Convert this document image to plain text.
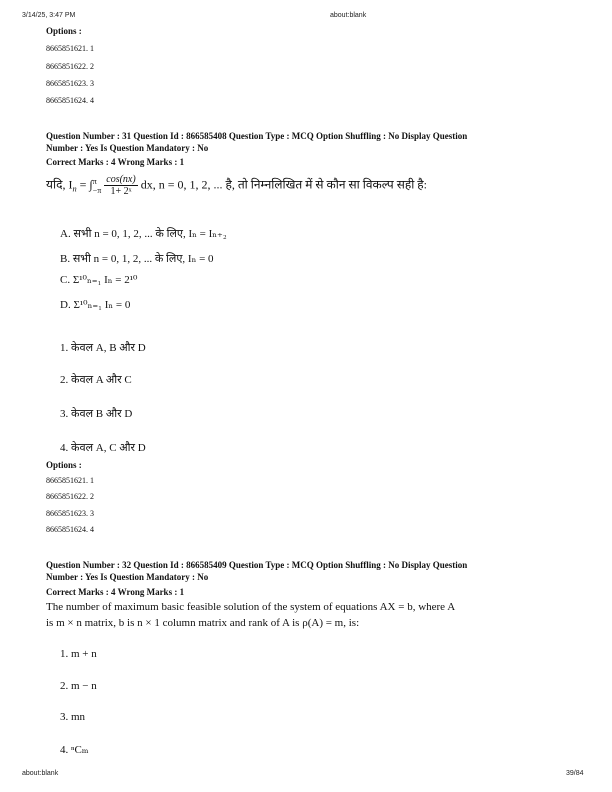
3/14/25, 3:47 PM	about:blank
Options :
8665851621. 1
8665851622. 2
8665851623. 3
8665851624. 4
Question Number : 31 Question Id : 866585408 Question Type : MCQ Option Shuffling : No Display Question
Number : Yes Is Question Mandatory : No
Correct Marks : 4 Wrong Marks : 1
यदि, $I_n$ = ∫ π
−π
$\frac{\cos(nx)}{\text{1+ 2ˣ}}$ dx, n = 0, 1, 2, ... है, तो निम्नलिखित में से कौन सा विकल्प सही है:
A. सभी n = 0, 1, 2, ... के लिए, Iₙ = Iₙ₊₂
B. सभी n = 0, 1, 2, ... के लिए, Iₙ = 0
C. Σ¹⁰ₙ₌₁ Iₙ = 2¹⁰
D. Σ¹⁰ₙ₌₁ Iₙ = 0
1. केवल A, B और D
2. केवल A और C
3. केवल B और D
4. केवल A, C और D
Options :
8665851621. 1
8665851622. 2
8665851623. 3
8665851624. 4
Question Number : 32 Question Id : 866585409 Question Type : MCQ Option Shuffling : No Display Question
Number : Yes Is Question Mandatory : No
Correct Marks : 4 Wrong Marks : 1
The number of maximum basic feasible solution of the system of equations AX = b, where A
is m × n matrix, b is n × 1 column matrix and rank of A is ρ(A) = m, is:
1. m + n
2. m − n
3. mn
4. ⁿCₘ
about:blank	39/84
